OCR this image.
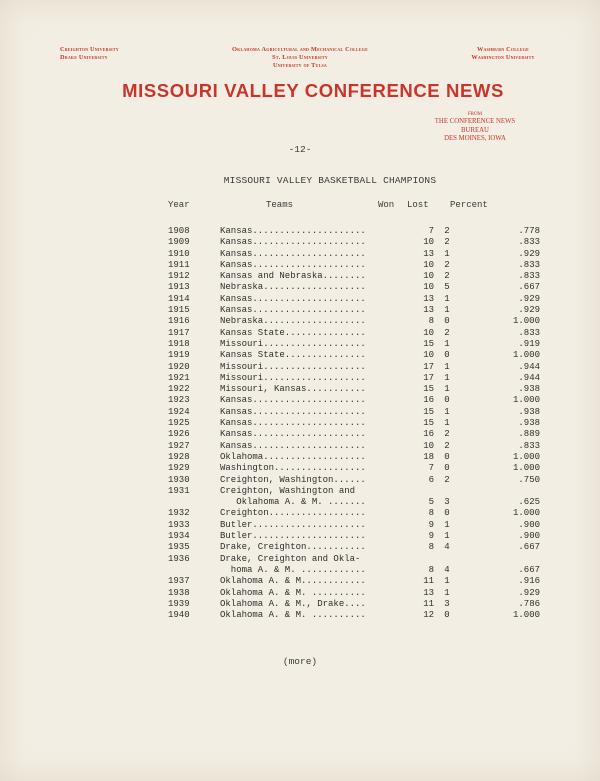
Creighton University
Drake University
Oklahoma Agricultural and Mechanical College
St. Louis University
University of Tulsa
Washburn College
Washington University
MISSOURI VALLEY CONFERENCE NEWS
FROM
THE CONFERENCE NEWS BUREAU
DES MOINES, IOWA
-12-
MISSOURI VALLEY BASKETBALL CHAMPIONS
Year	Teams	Won Lost Percent
1908	Kansas.....................	7	2	.778
1909	Kansas.....................	10	2	.833
1910	Kansas.....................	13	1	.929
1911	Kansas.....................	10	2	.833
1912	Kansas and Nebraska........	10	2	.833
1913	Nebraska...................	10	5	.667
1914	Kansas.....................	13	1	.929
1915	Kansas.....................	13	1	.929
1916	Nebraska...................	8	0	1.000
1917	Kansas State...............	10	2	.833
1918	Missouri...................	15	1	.919
1919	Kansas State...............	10	0	1.000
1920	Missouri...................	17	1	.944
1921	Missouri...................	17	1	.944
1922	Missouri, Kansas...........	15	1	.938
1923	Kansas.....................	16	0	1.000
1924	Kansas.....................	15	1	.938
1925	Kansas.....................	15	1	.938
1926	Kansas.....................	16	2	.889
1927	Kansas.....................	10	2	.833
1928	Oklahoma...................	18	0	1.000
1929	Washington.................	7	0	1.000
1930	Creighton, Washington......	6	2	.750
1931	Creighton, Washington and			
	Oklahoma A. & M. .......	5	3	.625
1932	Creighton..................	8	0	1.000
1933	Butler.....................	9	1	.900
1934	Butler.....................	9	1	.900
1935	Drake, Creighton...........	8	4	.667
1936	Drake, Creighton and Okla-			
	homa A. & M. ............	8	4	.667
1937	Oklahoma A. & M............	11	1	.916
1938	Oklahoma A. & M. ..........	13	1	.929
1939	Oklahoma A. & M., Drake....	11	3	.786
1940	Oklahoma A. & M. ..........	12	0	1.000
(more)
